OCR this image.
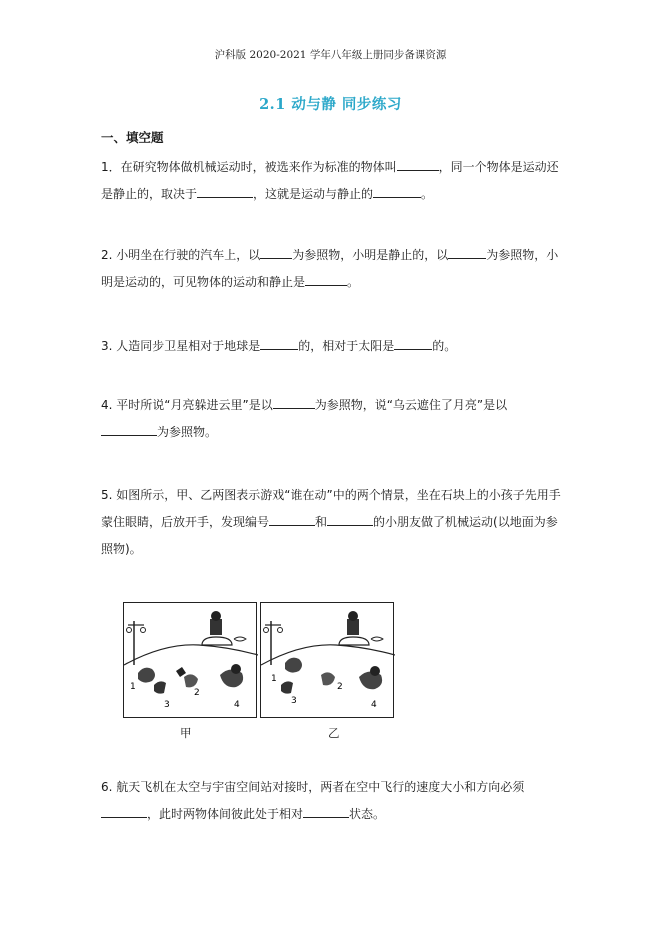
沪科版 2020-2021 学年八年级上册同步备课资源
2.1 动与静 同步练习
一、填空题
1．在研究物体做机械运动时，被选来作为标准的物体叫	，同一个物体是运动还是静止的，取决于	，这就是运动与静止的	。
2. 小明坐在行驶的汽车上，以	为参照物，小明是静止的，以	为参照物，小明是运动的，可见物体的运动和静止是	。
3. 人造同步卫星相对于地球是	的，相对于太阳是	的。
4. 平时所说“月亮躲进云里”是以	为参照物，说“乌云遮住了月亮”是以为参照物。
5. 如图所示，甲、乙两图表示游戏“谁在动”中的两个情景，坐在石块上的小孩子先用手蒙住眼睛，后放开手，发现编号	和	的小朋友做了机械运动(以地面为参照物)。
1
2
3	4
1
2
3	4
甲	乙
6. 航天飞机在太空与宇宙空间站对接时，两者在空中飞行的速度大小和方向必须，此时两物体间彼此处于相对	状态。
